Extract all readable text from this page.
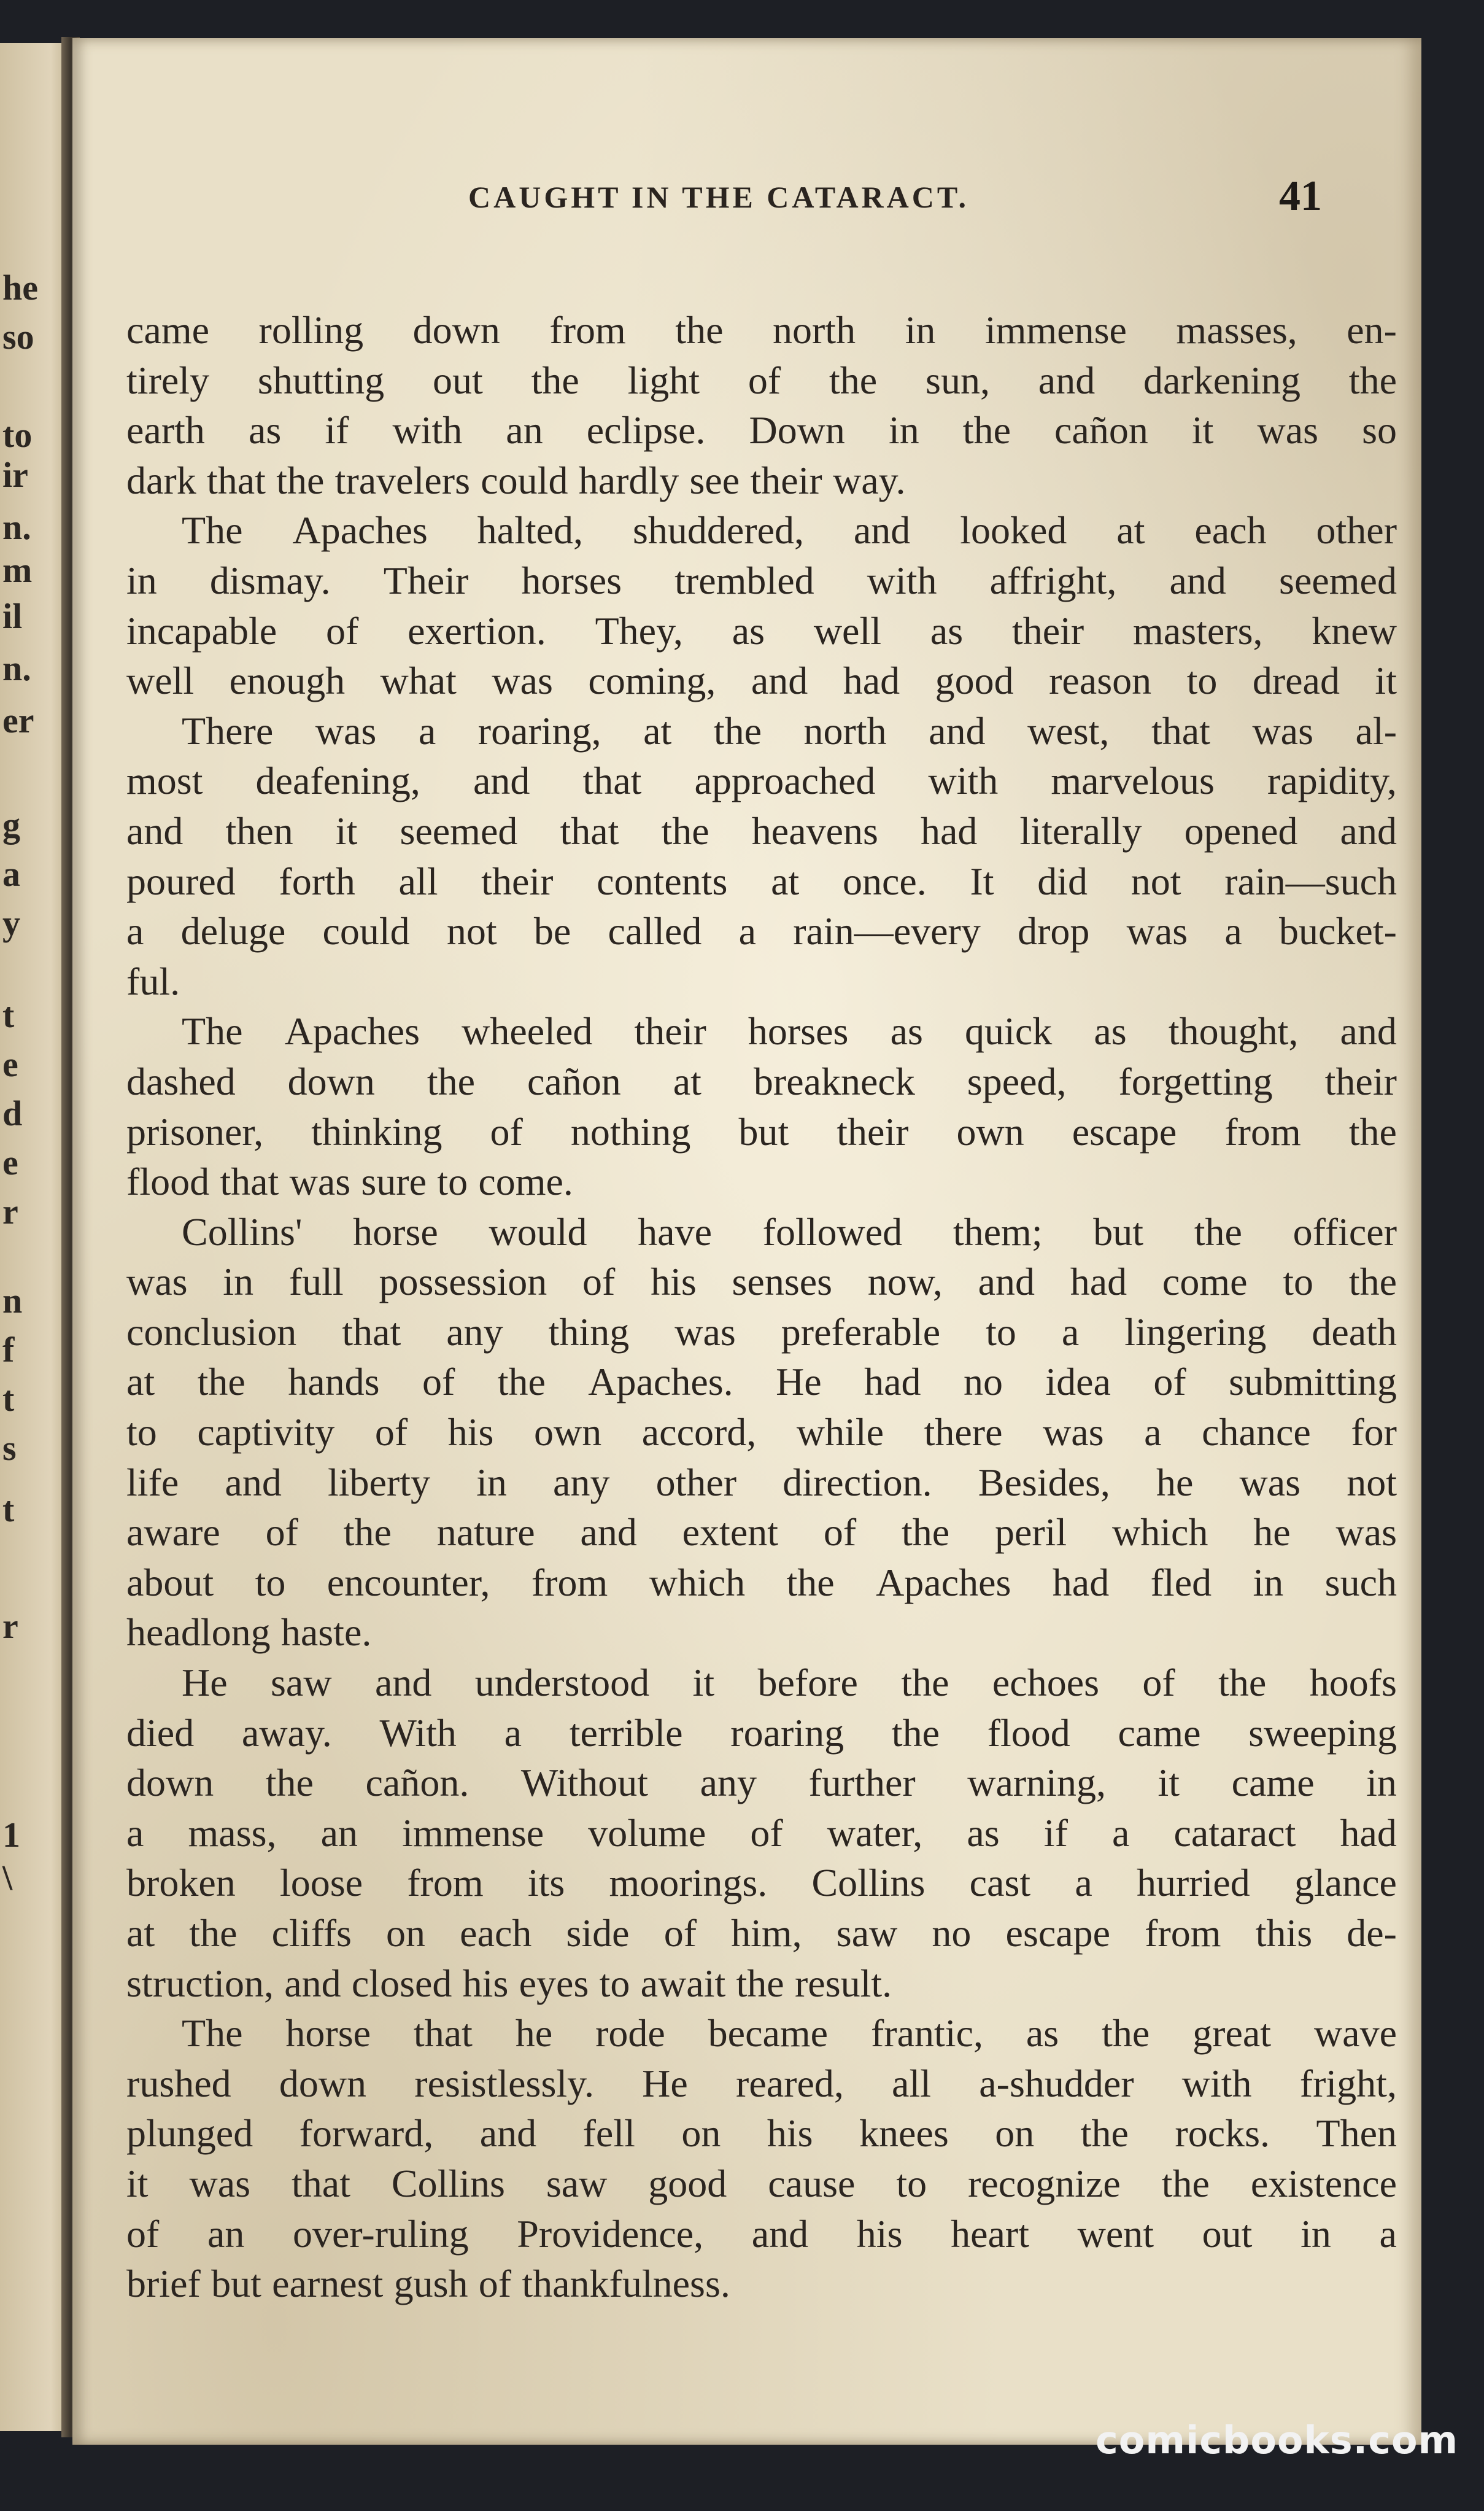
CAUGHT IN THE CATARACT.	41
came rolling down from the north in immense masses, en-
tirely shutting out the light of the sun, and darkening the
earth as if with an eclipse. Down in the cañon it was so
dark that the travelers could hardly see their way.
The Apaches halted, shuddered, and looked at each other
in dismay. Their horses trembled with affright, and seemed
incapable of exertion. They, as well as their masters, knew
well enough what was coming, and had good reason to dread it
There was a roaring, at the north and west, that was al-
most deafening, and that approached with marvelous rapidity,
and then it seemed that the heavens had literally opened and
poured forth all their contents at once. It did not rain—such
a deluge could not be called a rain—every drop was a bucket-
ful.
The Apaches wheeled their horses as quick as thought, and
dashed down the cañon at breakneck speed, forgetting their
prisoner, thinking of nothing but their own escape from the
flood that was sure to come.
Collins' horse would have followed them; but the officer
was in full possession of his senses now, and had come to the
conclusion that any thing was preferable to a lingering death
at the hands of the Apaches. He had no idea of submitting
to captivity of his own accord, while there was a chance for
life and liberty in any other direction. Besides, he was not
aware of the nature and extent of the peril which he was
about to encounter, from which the Apaches had fled in such
headlong haste.
He saw and understood it before the echoes of the hoofs
died away. With a terrible roaring the flood came sweeping
down the cañon. Without any further warning, it came in
a mass, an immense volume of water, as if a cataract had
broken loose from its moorings. Collins cast a hurried glance
at the cliffs on each side of him, saw no escape from this de-
struction, and closed his eyes to await the result.
The horse that he rode became frantic, as the great wave
rushed down resistlessly. He reared, all a-shudder with fright,
plunged forward, and fell on his knees on the rocks. Then
it was that Collins saw good cause to recognize the existence
of an over-ruling Providence, and his heart went out in a
brief but earnest gush of thankfulness.
comicbooks.com
he
so
to
ir
n.
m
il
n.
er
g
a
y
t
e
d
e
r
n
f
t
s
t
r
1
\
